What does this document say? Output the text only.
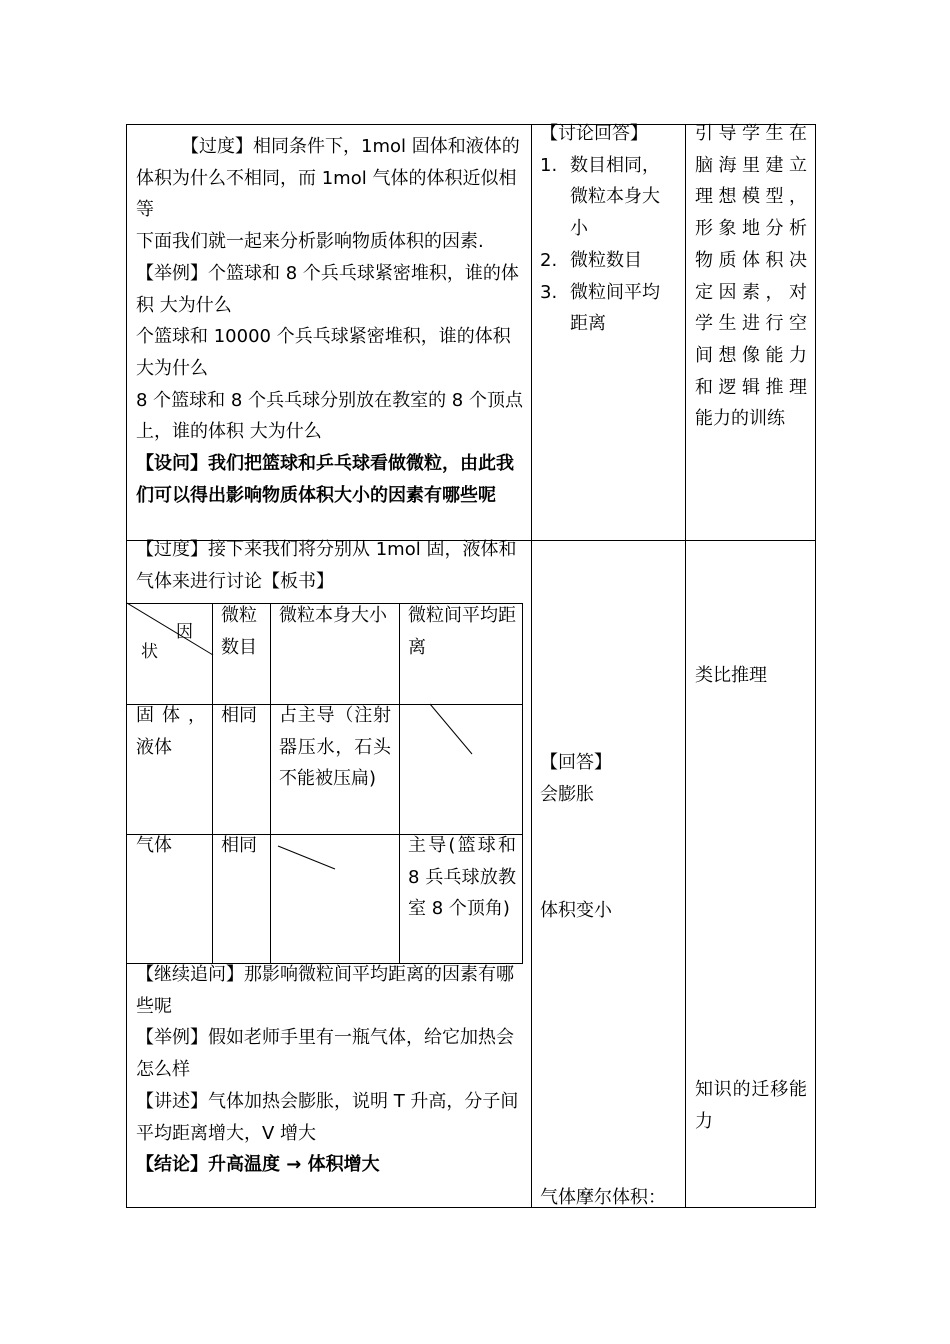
【过度】相同条件下，1mol 固体和液体的体积为什么不相同，而 1mol 气体的体积近似相等

下面我们就一起来分析影响物质体积的因素.

【举例】个篮球和 8 个兵乓球紧密堆积，谁的体积 大为什么

个篮球和 10000 个兵乓球紧密堆积，谁的体积大为什么

8 个篮球和 8 个兵乓球分别放在教室的 8 个顶点上，谁的体积 大为什么

【设问】我们把篮球和乒乓球看做微粒，由此我们可以得出影响物质体积大小的因素有哪些呢

【讨论回答】
1. 数目相同，
微粒本身大
小
2. 微粒数目
3. 微粒间平均
距离

引导学生在

脑海里建立

理想模型，

形象地分析

物质体积决

定因素，对

学生进行空

间想像能力

和逻辑推理

能力的训练

【过度】接下来我们将分别从 1mol 固，液体和气体来进行讨论【板书】

因
状
微粒数目
微粒本身大小 微粒间平均距离
固体，液体
相同 占主导（注射器压水，石头不能被压扁)
气体	相同	主导(篮球和 8 兵乓球放教室 8 个顶角)

【继续追问】那影响微粒间平均距离的因素有哪些呢

【举例】假如老师手里有一瓶气体，给它加热会怎么样

【讲述】气体加热会膨胀，说明 T 升高，分子间平均距离增大，V 增大

【结论】升高温度 → 体积增大

【回答】
会膨胀
体积变小
气体摩尔体积：
类比推理
知识的迁移能力
